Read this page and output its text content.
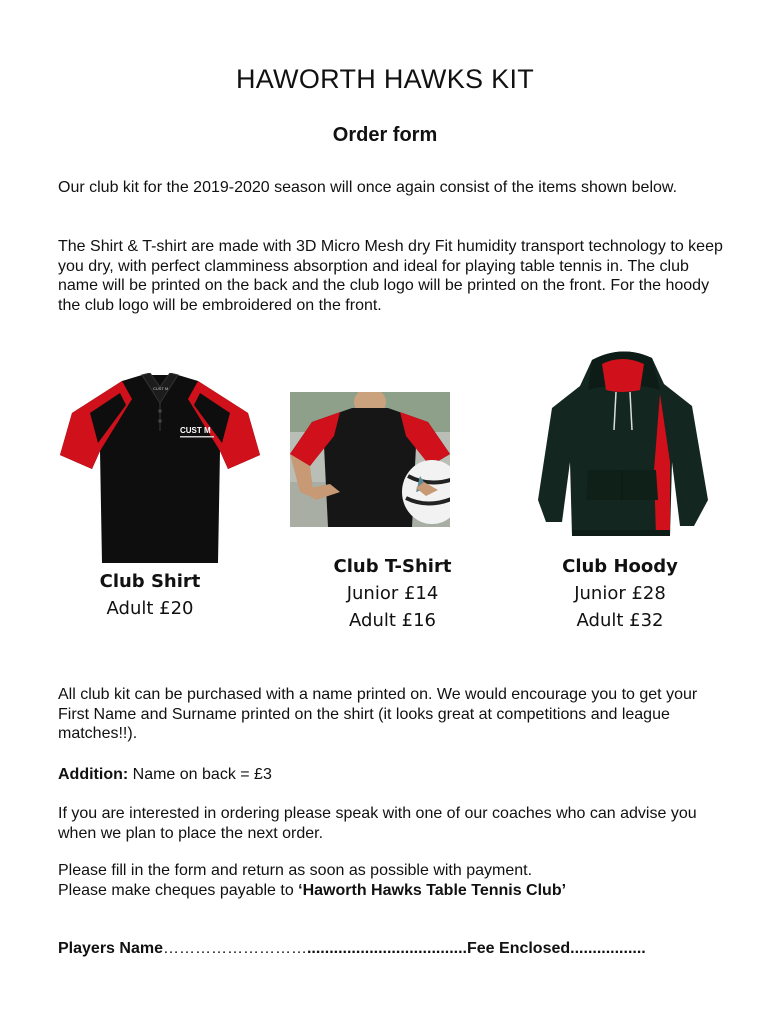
HAWORTH HAWKS KIT
Order form
Our club kit for the 2019-2020 season will once again consist of the items shown below.
The Shirt & T-shirt are made with 3D Micro Mesh dry Fit humidity transport technology to keep you dry, with perfect clamminess absorption and ideal for playing table tennis in. The club name will be printed on the back and the club logo will be printed on the front. For the hoody the club logo will be embroidered on the front.
CUST M
CUST M
Club Shirt
Adult £20
Club T-Shirt
Junior £14
Adult £16
Club Hoody
Junior £28
Adult £32
All club kit can be purchased with a name printed on. We would encourage you to get your First Name and Surname printed on the shirt (it looks great at competitions and league matches!!).
Addition: Name on back = £3
If you are interested in ordering please speak with one of our coaches who can advise you when we plan to place the next order.
Please fill in the form and return as soon as possible with payment.
Please make cheques payable to ‘Haworth Hawks Table Tennis Club’
Players Name………………………....................................Fee Enclosed.................
